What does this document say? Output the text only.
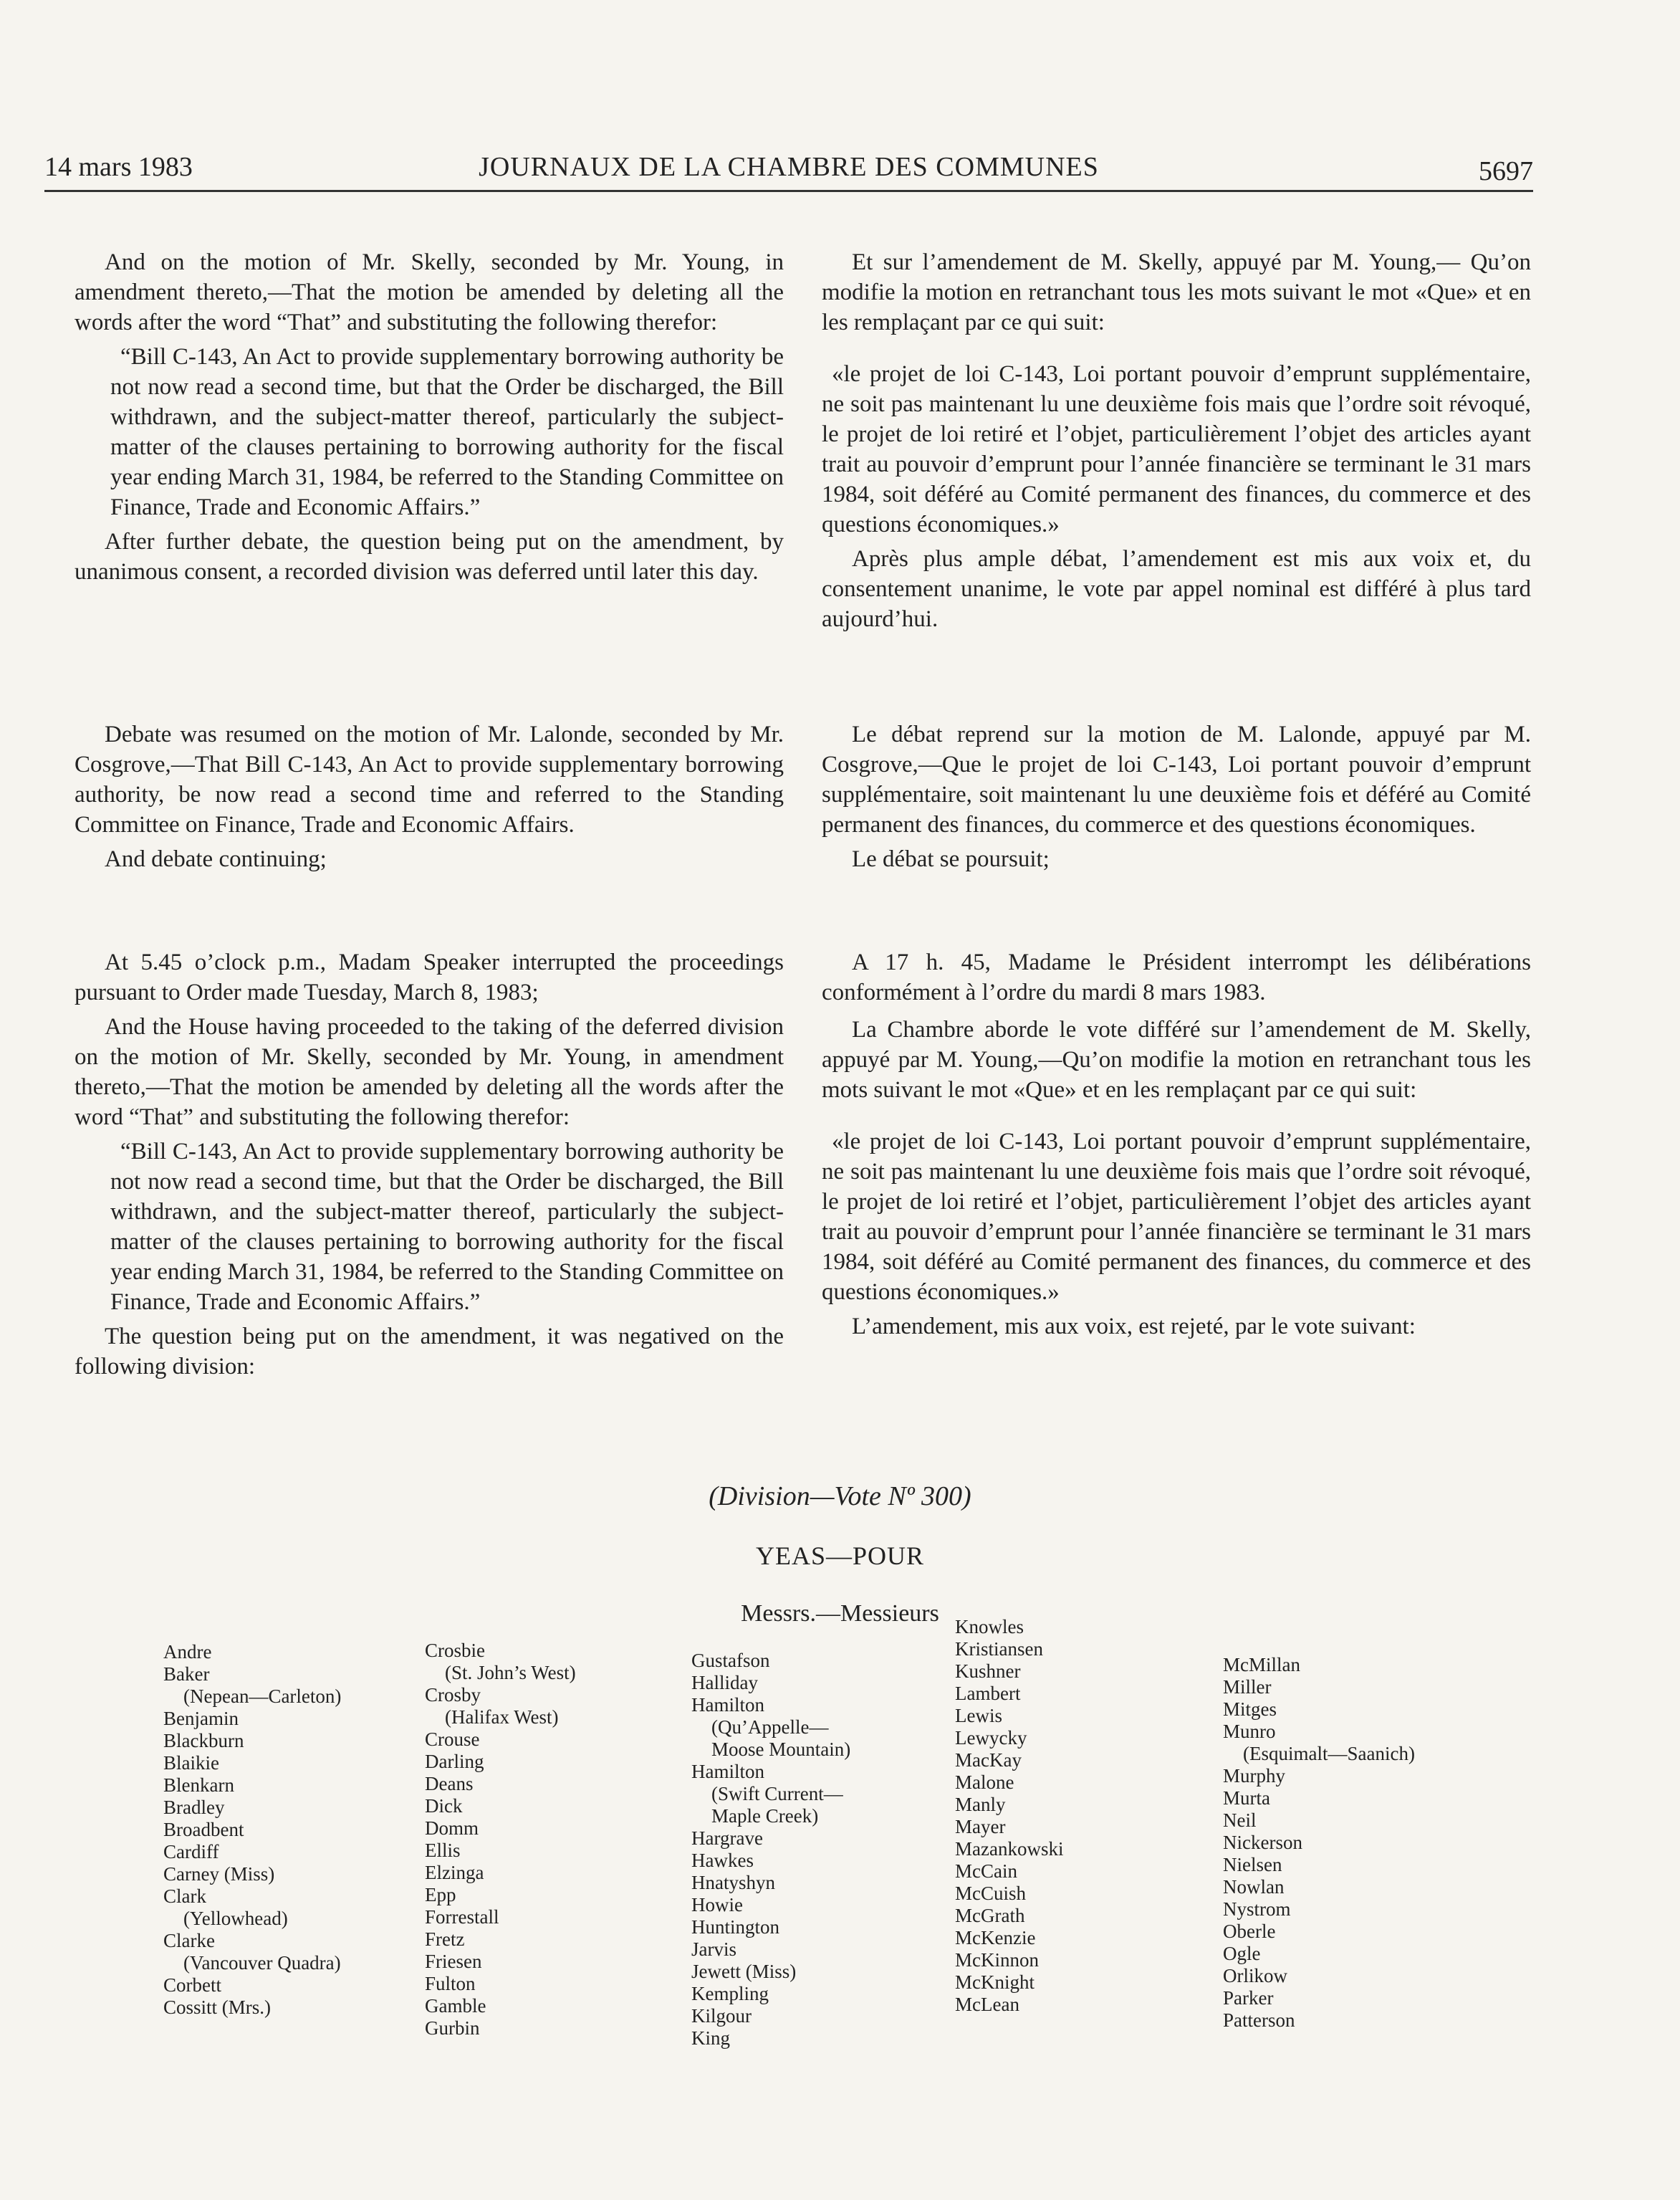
14 mars 1983	JOURNAUX DE LA CHAMBRE DES COMMUNES	5697

And on the motion of Mr. Skelly, seconded by Mr. Young, in amendment thereto,—That the motion be amended by deleting all the words after the word “That” and substituting the following therefor:

“Bill C-143, An Act to provide supplementary borrowing authority be not now read a second time, but that the Order be discharged, the Bill withdrawn, and the subject-matter thereof, particularly the subject-matter of the clauses pertaining to borrowing authority for the fiscal year ending March 31, 1984, be referred to the Standing Committee on Finance, Trade and Economic Affairs.”

After further debate, the question being put on the amendment, by unanimous consent, a recorded division was deferred until later this day.

Debate was resumed on the motion of Mr. Lalonde, seconded by Mr. Cosgrove,—That Bill C-143, An Act to provide supplementary borrowing authority, be now read a second time and referred to the Standing Committee on Finance, Trade and Economic Affairs.

And debate continuing;

At 5.45 o’clock p.m., Madam Speaker interrupted the proceedings pursuant to Order made Tuesday, March 8, 1983;

And the House having proceeded to the taking of the deferred division on the motion of Mr. Skelly, seconded by Mr. Young, in amendment thereto,—That the motion be amended by deleting all the words after the word “That” and substituting the following therefor:

“Bill C-143, An Act to provide supplementary borrowing authority be not now read a second time, but that the Order be discharged, the Bill withdrawn, and the subject-matter thereof, particularly the subject-matter of the clauses pertaining to borrowing authority for the fiscal year ending March 31, 1984, be referred to the Standing Committee on Finance, Trade and Economic Affairs.”

The question being put on the amendment, it was negatived on the following division:

Et sur l’amendement de M. Skelly, appuyé par M. Young,— Qu’on modifie la motion en retranchant tous les mots suivant le mot «Que» et en les remplaçant par ce qui suit:

«le projet de loi C-143, Loi portant pouvoir d’emprunt supplémentaire, ne soit pas maintenant lu une deuxième fois mais que l’ordre soit révoqué, le projet de loi retiré et l’objet, particulièrement l’objet des articles ayant trait au pouvoir d’emprunt pour l’année financière se terminant le 31 mars 1984, soit déféré au Comité permanent des finances, du commerce et des questions économiques.»

Après plus ample débat, l’amendement est mis aux voix et, du consentement unanime, le vote par appel nominal est différé à plus tard aujourd’hui.

Le débat reprend sur la motion de M. Lalonde, appuyé par M. Cosgrove,—Que le projet de loi C-143, Loi portant pouvoir d’emprunt supplémentaire, soit maintenant lu une deuxième fois et déféré au Comité permanent des finances, du commerce et des questions économiques.

Le débat se poursuit;

A 17 h. 45, Madame le Président interrompt les délibérations conformément à l’ordre du mardi 8 mars 1983.

La Chambre aborde le vote différé sur l’amendement de M. Skelly, appuyé par M. Young,—Qu’on modifie la motion en retranchant tous les mots suivant le mot «Que» et en les remplaçant par ce qui suit:

«le projet de loi C-143, Loi portant pouvoir d’emprunt supplémentaire, ne soit pas maintenant lu une deuxième fois mais que l’ordre soit révoqué, le projet de loi retiré et l’objet, particulièrement l’objet des articles ayant trait au pouvoir d’emprunt pour l’année financière se terminant le 31 mars 1984, soit déféré au Comité permanent des finances, du commerce et des questions économiques.»

L’amendement, mis aux voix, est rejeté, par le vote suivant:

(Division—Vote Nº 300)
YEAS—POUR
Messrs.—Messieurs
Andre
Baker
(Nepean—Carleton)
Benjamin
Blackburn
Blaikie
Blenkarn
Bradley
Broadbent
Cardiff
Carney (Miss)
Clark
(Yellowhead)
Clarke
(Vancouver Quadra)
Corbett
Cossitt (Mrs.)
Crosbie
(St. John’s West)
Crosby
(Halifax West)
Crouse
Darling
Deans
Dick
Domm
Ellis
Elzinga
Epp
Forrestall
Fretz
Friesen
Fulton
Gamble
Gurbin
Gustafson
Halliday
Hamilton
(Qu’Appelle—
Moose Mountain)
Hamilton
(Swift Current—
Maple Creek)
Hargrave
Hawkes
Hnatyshyn
Howie
Huntington
Jarvis
Jewett (Miss)
Kempling
Kilgour
King
Knowles
Kristiansen
Kushner
Lambert
Lewis
Lewycky
MacKay
Malone
Manly
Mayer
Mazankowski
McCain
McCuish
McGrath
McKenzie
McKinnon
McKnight
McLean
McMillan
Miller
Mitges
Munro
(Esquimalt—Saanich)
Murphy
Murta
Neil
Nickerson
Nielsen
Nowlan
Nystrom
Oberle
Ogle
Orlikow
Parker
Patterson
